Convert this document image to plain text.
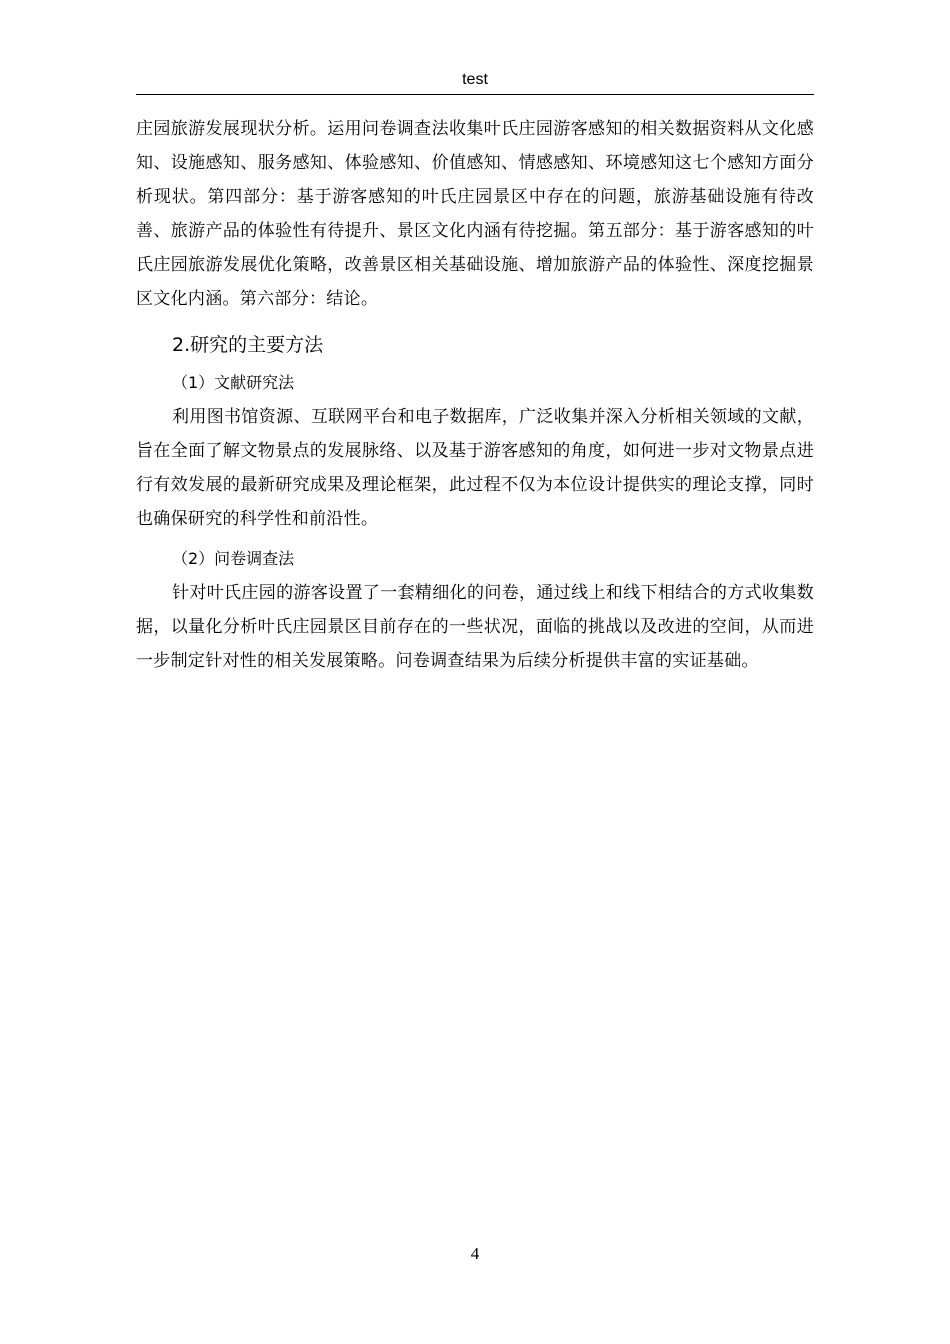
test

庄园旅游发展现状分析。运用问卷调查法收集叶氏庄园游客感知的相关数据资料从文化感知、设施感知、服务感知、体验感知、价值感知、情感感知、环境感知这七个感知方面分析现状。第四部分：基于游客感知的叶氏庄园景区中存在的问题，旅游基础设施有待改善、旅游产品的体验性有待提升、景区文化内涵有待挖掘。第五部分：基于游客感知的叶氏庄园旅游发展优化策略，改善景区相关基础设施、增加旅游产品的体验性、深度挖掘景区文化内涵。第六部分：结论。

2.研究的主要方法
（1）文献研究法

利用图书馆资源、互联网平台和电子数据库，广泛收集并深入分析相关领域的文献，旨在全面了解文物景点的发展脉络、以及基于游客感知的角度，如何进一步对文物景点进行有效发展的最新研究成果及理论框架，此过程不仅为本位设计提供实的理论支撑，同时也确保研究的科学性和前沿性。

（2）问卷调查法

针对叶氏庄园的游客设置了一套精细化的问卷，通过线上和线下相结合的方式收集数据，以量化分析叶氏庄园景区目前存在的一些状况，面临的挑战以及改进的空间，从而进一步制定针对性的相关发展策略。问卷调查结果为后续分析提供丰富的实证基础。

4
